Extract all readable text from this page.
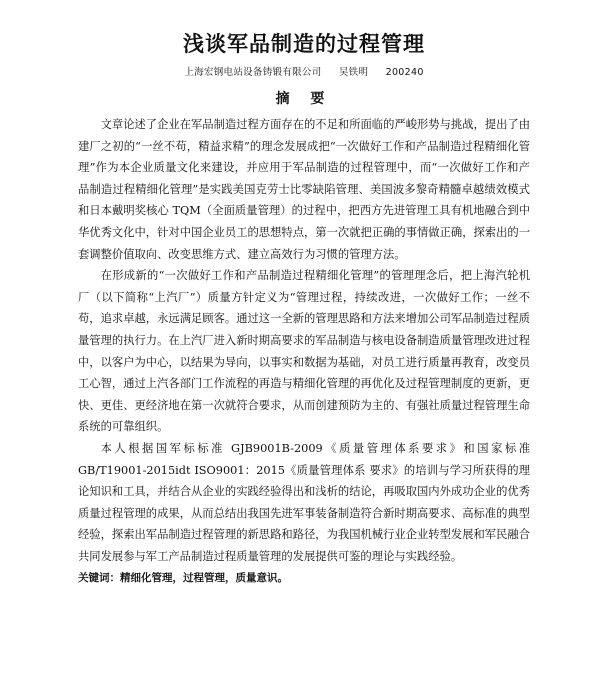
浅谈军品制造的过程管理
上海宏钢电站设备铸锻有限公司 吴铁明 200240
摘 要

文章论述了企业在军品制造过程方面存在的不足和所面临的严峻形势与挑战，提出了由建厂之初的“一丝不苟，精益求精”的理念发展成把“一次做好工作和产品制造过程精细化管理”作为本企业质量文化来建设，并应用于军品制造的过程管理中，而“一次做好工作和产品制造过程精细化管理”是实践美国克劳士比零缺陷管理、美国波多黎奇精髓卓越绩效模式和日本戴明奖核心 TQM（全面质量管理）的过程中，把西方先进管理工具有机地融合到中华优秀文化中，针对中国企业员工的思想特点，第一次就把正确的事情做正确，探索出的一套调整价值取向、改变思维方式、建立高效行为习惯的管理方法。

在形成新的“一次做好工作和产品制造过程精细化管理”的管理理念后，把上海汽轮机厂（以下简称“上汽厂”）质量方针定义为“管理过程，持续改进，一次做好工作；一丝不苟，追求卓越，永远满足顾客。通过这一全新的管理思路和方法来增加公司军品制造过程质量管理的执行力。在上汽厂进入新时期高要求的军品制造与核电设备制造质量管理改进过程中，以客户为中心，以结果为导向，以事实和数据为基础，对员工进行质量再教育，改变员工心智，通过上汽各部门工作流程的再造与精细化管理的再优化及过程管理制度的更新，更快、更佳、更经济地在第一次就符合要求，从而创建预防为主的、有强社质量过程管理生命系统的可靠组织。

本人根据国军标标准 GJB9001B-2009《质量管理体系要求》和国家标准GB/T19001-2015idt ISO9001：2015《质量管理体系 要求》的培训与学习所获得的理论知识和工具，并结合从企业的实践经验得出和浅析的结论，再吸取国内外成功企业的优秀质量过程管理的成果，从而总结出我国先进军事装备制造符合新时期高要求、高标准的典型经验，探索出军品制造过程管理的新思路和路径，为我国机械行业企业转型发展和军民融合共同发展参与军工产品制造过程质量管理的发展提供可鉴的理论与实践经验。

关键词：精细化管理，过程管理，质量意识。
